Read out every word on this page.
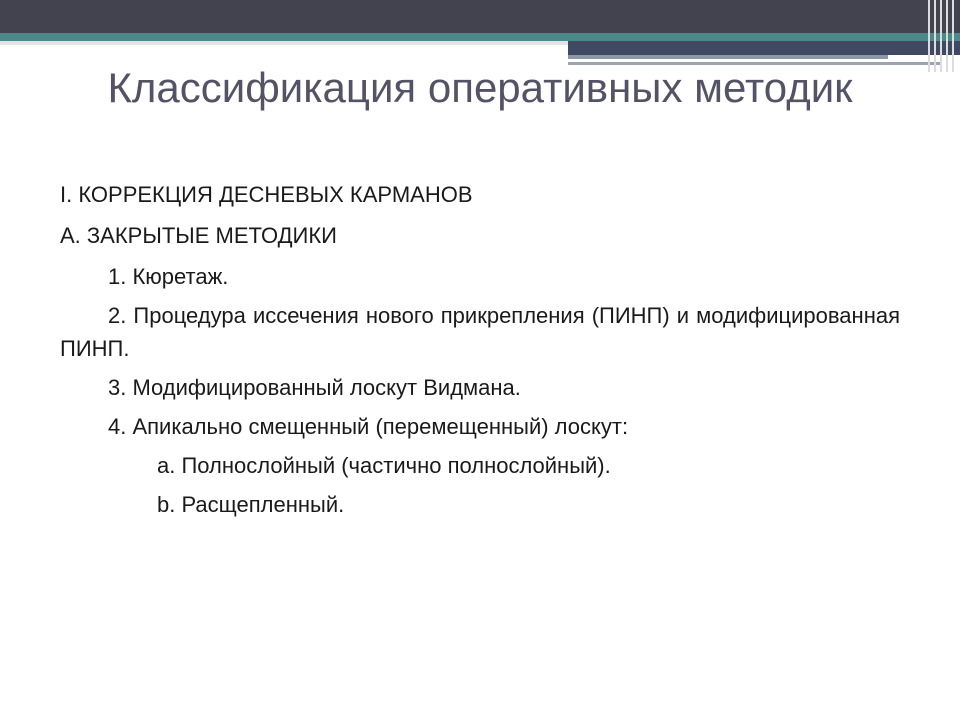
Классификация оперативных методик

I. КОРРЕКЦИЯ ДЕСНЕВЫХ КАРМАНОВ

А. ЗАКРЫТЫЕ МЕТОДИКИ

1. Кюретаж.

2. Процедура иссечения нового прикрепления (ПИНП) и модифицированная ПИНП.

3. Модифицированный лоскут Видмана.

4. Апикально смещенный (перемещенный) лоскут:

a. Полнослойный (частично полнослойный).

b. Расщепленный.
